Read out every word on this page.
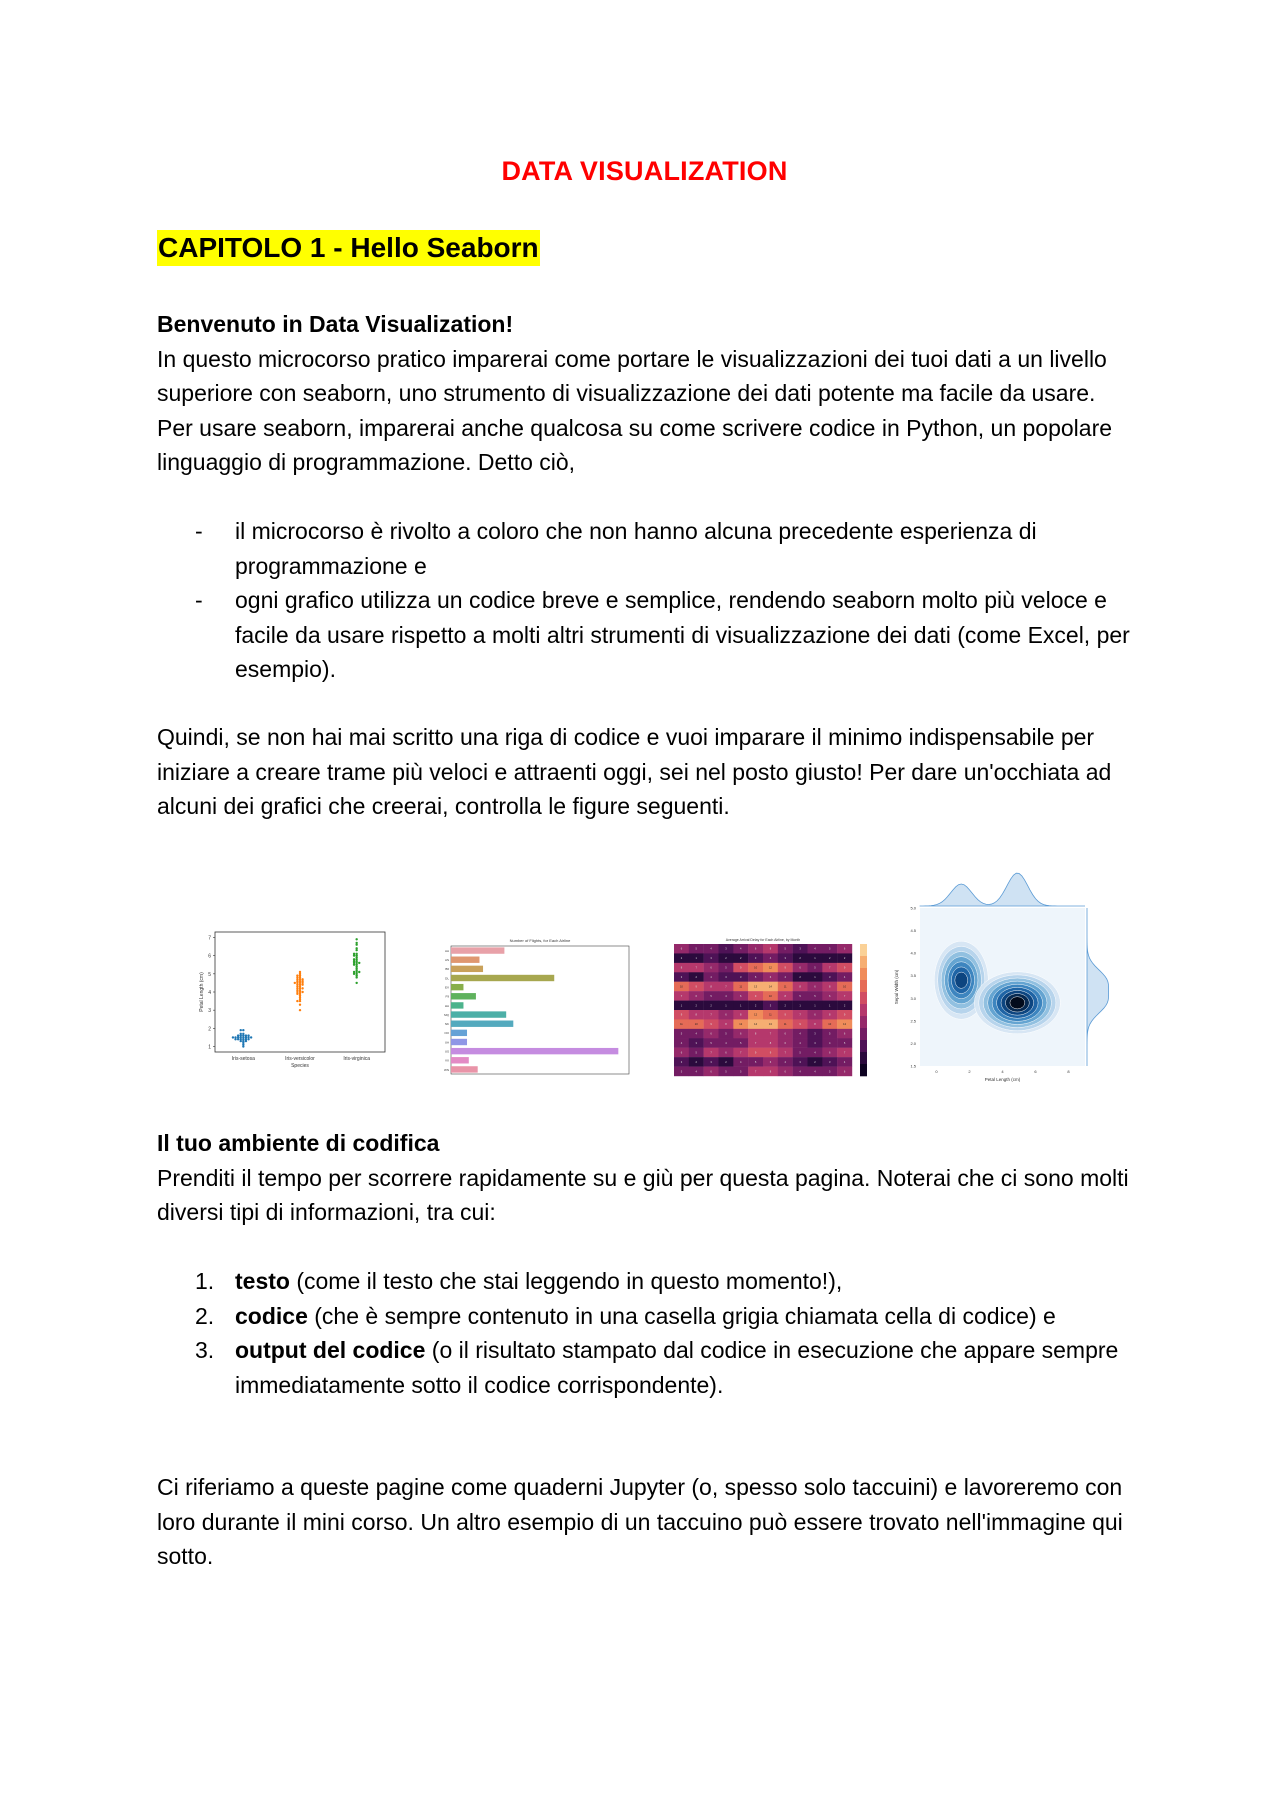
DATA VISUALIZATION
CAPITOLO 1 - Hello Seaborn

Benvenuto in Data Visualization!

In questo microcorso pratico imparerai come portare le visualizzazioni dei tuoi dati a un livello superiore con seaborn, uno strumento di visualizzazione dei dati potente ma facile da usare. Per usare seaborn, imparerai anche qualcosa su come scrivere codice in Python, un popolare linguaggio di programmazione. Detto ciò,

- il microcorso è rivolto a coloro che non hanno alcuna precedente esperienza di programmazione e
- ogni grafico utilizza un codice breve e semplice, rendendo seaborn molto più veloce e facile da usare rispetto a molti altri strumenti di visualizzazione dei dati (come Excel, per esempio).

Quindi, se non hai mai scritto una riga di codice e vuoi imparare il minimo indispensabile per iniziare a creare trame più veloci e attraenti oggi, sei nel posto giusto! Per dare un'occhiata ad alcuni dei grafici che creerai, controlla le figure seguenti.

1
2
3
4
5
6
7
Iris-setosa	Iris-versicolor	Iris-virginica
Species
Petal Length (cm)
Number of Flights, for Each Airline
AA
AS
B6
DL
EV
F9
HA
MQ
NK
OO
UA
US
VX
WN
Average Arrival Delay for Each Airline, by Month
6	5	4	3	4	6	8	5	3	4	5	6
2	1	3	2	2	3	4	3	2	1	2	2
8	7	6	5	9	10	12	9	6	5	7	9
3	2	4	3	3	5	6	4	2	1	3	4
10	9	8	7	11	13	14	11	8	6	8	10
7	6	5	4	6	9	10	8	5	5	6	7
1	2	2	1	1	2	3	2	1	1	1	2
9	8	7	6	8	12	11	9	7	6	8	9
11	10	9	8	12	14	13	11	9	8	10	12
5	4	6	5	6	8	7	6	4	3	5	6
4	3	5	4	5	7	8	6	4	3	4	5
6	5	7	6	7	9	9	7	5	4	6	7
3	2	3	2	4	5	6	4	3	2	3	4
5	4	6	5	5	7	8	6	4	4	5	6	0	2	4	6	8
1.5
2.0
2.5
3.0
3.5
4.0
4.5
5.0
Petal Length (cm)
Sepal Width (cm)

Il tuo ambiente di codifica

Prenditi il tempo per scorrere rapidamente su e giù per questa pagina. Noterai che ci sono molti diversi tipi di informazioni, tra cui:

1. testo (come il testo che stai leggendo in questo momento!),
2. codice (che è sempre contenuto in una casella grigia chiamata cella di codice) e
3. output del codice (o il risultato stampato dal codice in esecuzione che appare sempre immediatamente sotto il codice corrispondente).

Ci riferiamo a queste pagine come quaderni Jupyter (o, spesso solo taccuini) e lavoreremo con loro durante il mini corso. Un altro esempio di un taccuino può essere trovato nell'immagine qui sotto.
